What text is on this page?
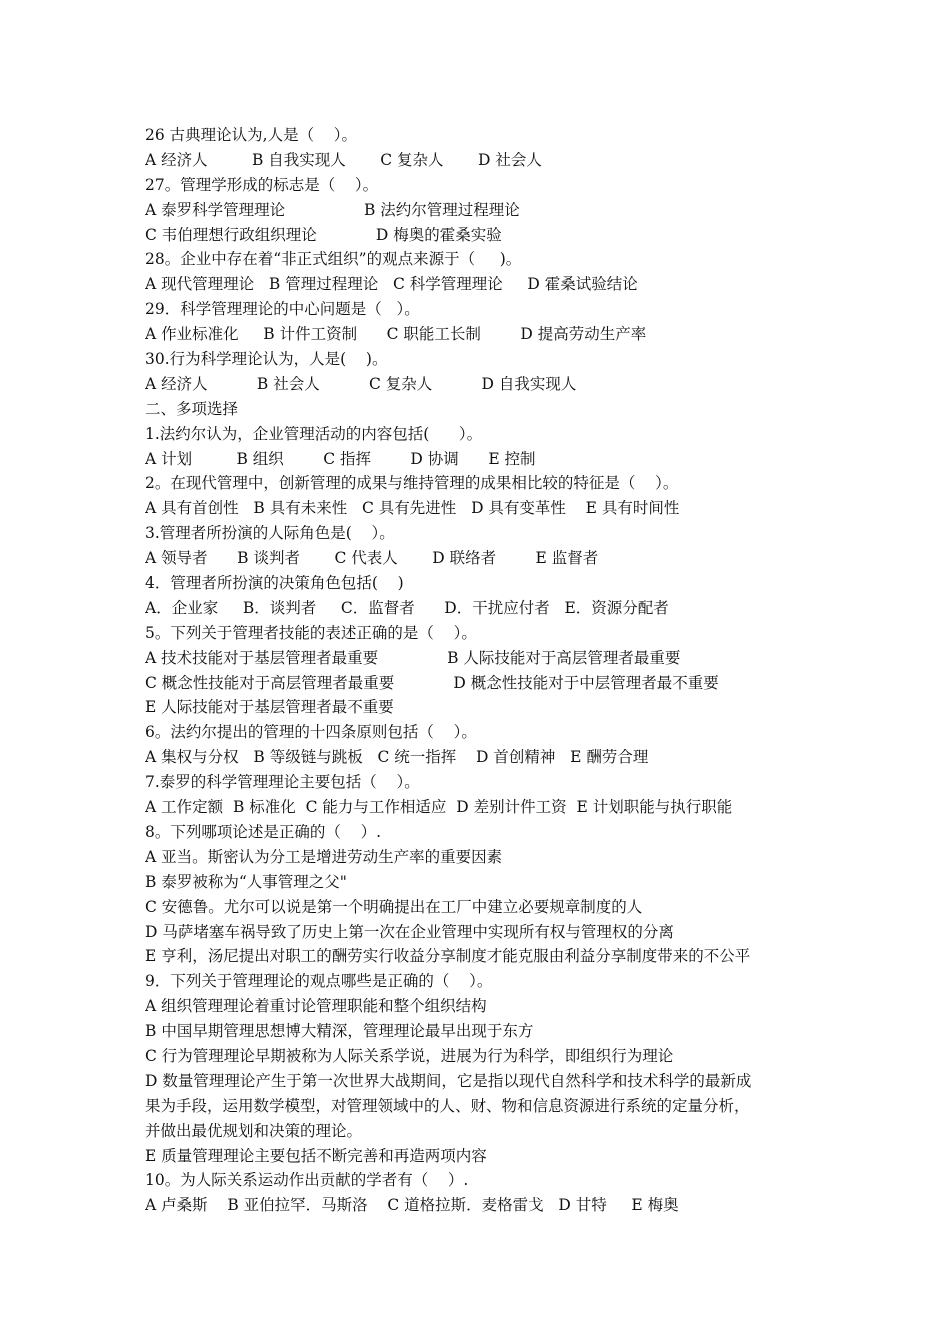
26 古典理论认为,人是（    ）。
A 经济人         B 自我实现人       C 复杂人       D 社会人
27。管理学形成的标志是（    ）。
A 泰罗科学管理理论                B 法约尔管理过程理论
C 韦伯理想行政组织理论            D 梅奥的霍桑实验
28。企业中存在着“非正式组织”的观点来源于（     )。
A 现代管理理论   B 管理过程理论   C 科学管理理论     D 霍桑试验结论
29．科学管理理论的中心问题是（   ）。
A 作业标准化     B 计件工资制      C 职能工长制        D 提高劳动生产率
30.行为科学理论认为，人是(    )。
A 经济人          B 社会人          C 复杂人          D 自我实现人
二、多项选择
1.法约尔认为，企业管理活动的内容包括(      ）。
A 计划         B 组织        C 指挥        D 协调      E 控制
2。在现代管理中，创新管理的成果与维持管理的成果相比较的特征是（    ）。
A 具有首创性   B 具有未来性   C 具有先进性   D 具有变革性    E 具有时间性
3.管理者所扮演的人际角色是(    ）。
A 领导者      B 谈判者       C 代表人       D 联络者        E 监督者
4．管理者所扮演的决策角色包括(    )
A．企业家     B．谈判者     C．监督者      D．干扰应付者   E．资源分配者
5。下列关于管理者技能的表述正确的是（    ）。
A 技术技能对于基层管理者最重要              B 人际技能对于高层管理者最重要
C 概念性技能对于高层管理者最重要            D 概念性技能对于中层管理者最不重要
E 人际技能对于基层管理者最不重要
6。法约尔提出的管理的十四条原则包括（    ）。
A 集权与分权   B 等级链与跳板   C 统一指挥    D 首创精神   E 酬劳合理
7.泰罗的科学管理理论主要包括（    ）。
A 工作定额  B 标准化  C 能力与工作相适应  D 差别计件工资  E 计划职能与执行职能
8。下列哪项论述是正确的（    ）.
A 亚当。斯密认为分工是增进劳动生产率的重要因素
B 泰罗被称为“人事管理之父"
C 安德鲁。尤尔可以说是第一个明确提出在工厂中建立必要规章制度的人
D 马萨堵塞车祸导致了历史上第一次在企业管理中实现所有权与管理权的分离
E 亨利，汤尼提出对职工的酬劳实行收益分享制度才能克服由利益分享制度带来的不公平
9．下列关于管理理论的观点哪些是正确的（    ）。
A 组织管理理论着重讨论管理职能和整个组织结构
B 中国早期管理思想博大精深，管理理论最早出现于东方
C 行为管理理论早期被称为人际关系学说，进展为行为科学，即组织行为理论
D 数量管理理论产生于第一次世界大战期间，它是指以现代自然科学和技术科学的最新成
果为手段，运用数学模型，对管理领域中的人、财、物和信息资源进行系统的定量分析，
并做出最优规划和决策的理论。
E 质量管理理论主要包括不断完善和再造两项内容
10。为人际关系运动作出贡献的学者有（    ）.
A 卢桑斯    B 亚伯拉罕．马斯洛    C 道格拉斯．麦格雷戈   D 甘特     E 梅奥
